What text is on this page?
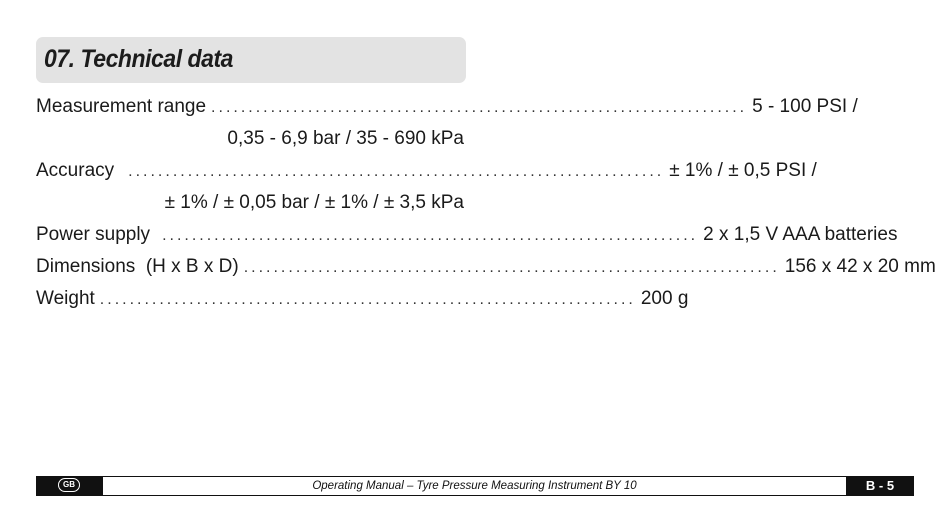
07. Technical data
Measurement range ........................................................................ 5 - 100 PSI /
0,35 - 6,9 bar / 35 - 690 kPa
Accuracy ........................................................................ ± 1% / ± 0,5 PSI /
± 1% / ± 0,05 bar / ± 1% / ± 3,5 kPa
Power supply ........................................................................ 2 x 1,5 V AAA batteries
Dimensions  (H x B x D) ........................................................................ 156 x 42 x 20 mm
Weight ........................................................................ 200 g
GB	Operating Manual – Tyre Pressure Measuring Instrument BY 10	B - 5
